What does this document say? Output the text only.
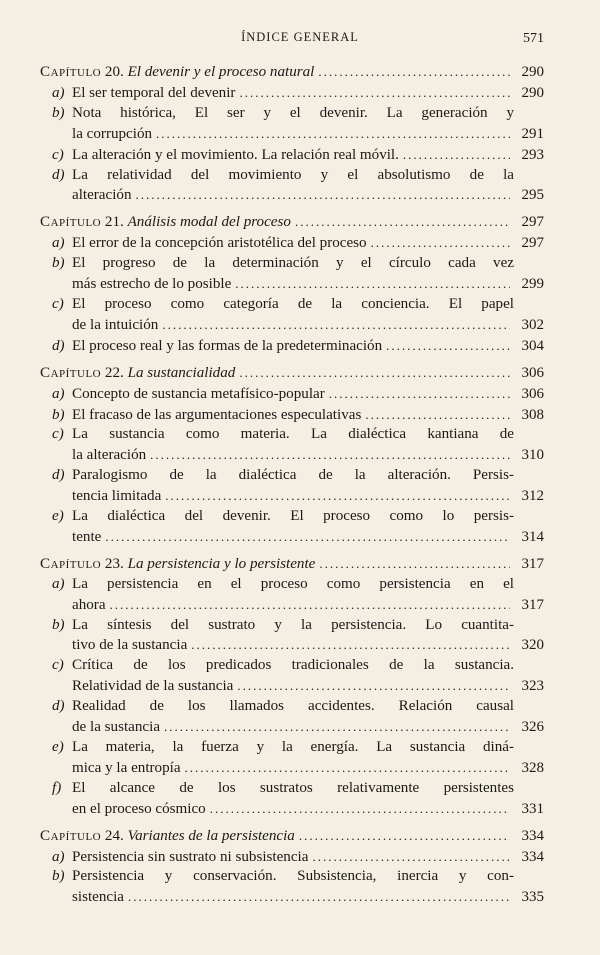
ÍNDICE GENERAL	571
Capítulo 20. El devenir y el proceso natural .....	290
a) El ser temporal del devenir .....	290
b) Nota histórica, El ser y el devenir. La generación y
la corrupción .....	291
c) La alteración y el movimiento. La relación real móvil. .....	293
d) La relatividad del movimiento y el absolutismo de la
alteración .....	295
Capítulo 21. Análisis modal del proceso .....	297
a) El error de la concepción aristotélica del proceso .....	297
b) El progreso de la determinación y el círculo cada vez
más estrecho de lo posible .....	299
c) El proceso como categoría de la conciencia. El papel
de la intuición .....	302
d) El proceso real y las formas de la predeterminación .....	304
Capítulo 22. La sustancialidad .....	306
a) Concepto de sustancia metafísico-popular .....	306
b) El fracaso de las argumentaciones especulativas .....	308
c) La sustancia como materia. La dialéctica kantiana de
la alteración .....	310
d) Paralogismo de la dialéctica de la alteración. Persis-
tencia limitada .....	312
e) La dialéctica del devenir. El proceso como lo persis-
tente .....	314
Capítulo 23. La persistencia y lo persistente .....	317
a) La persistencia en el proceso como persistencia en el
ahora .....	317
b) La síntesis del sustrato y la persistencia. Lo cuantita-
tivo de la sustancia .....	320
c) Crítica de los predicados tradicionales de la sustancia.
Relatividad de la sustancia .....	323
d) Realidad de los llamados accidentes. Relación causal
de la sustancia .....	326
e) La materia, la fuerza y la energía. La sustancia diná-
mica y la entropía .....	328
f) El alcance de los sustratos relativamente persistentes
en el proceso cósmico .....	331
Capítulo 24. Variantes de la persistencia .....	334
a) Persistencia sin sustrato ni subsistencia .....	334
b) Persistencia y conservación. Subsistencia, inercia y con-
sistencia .....	335
